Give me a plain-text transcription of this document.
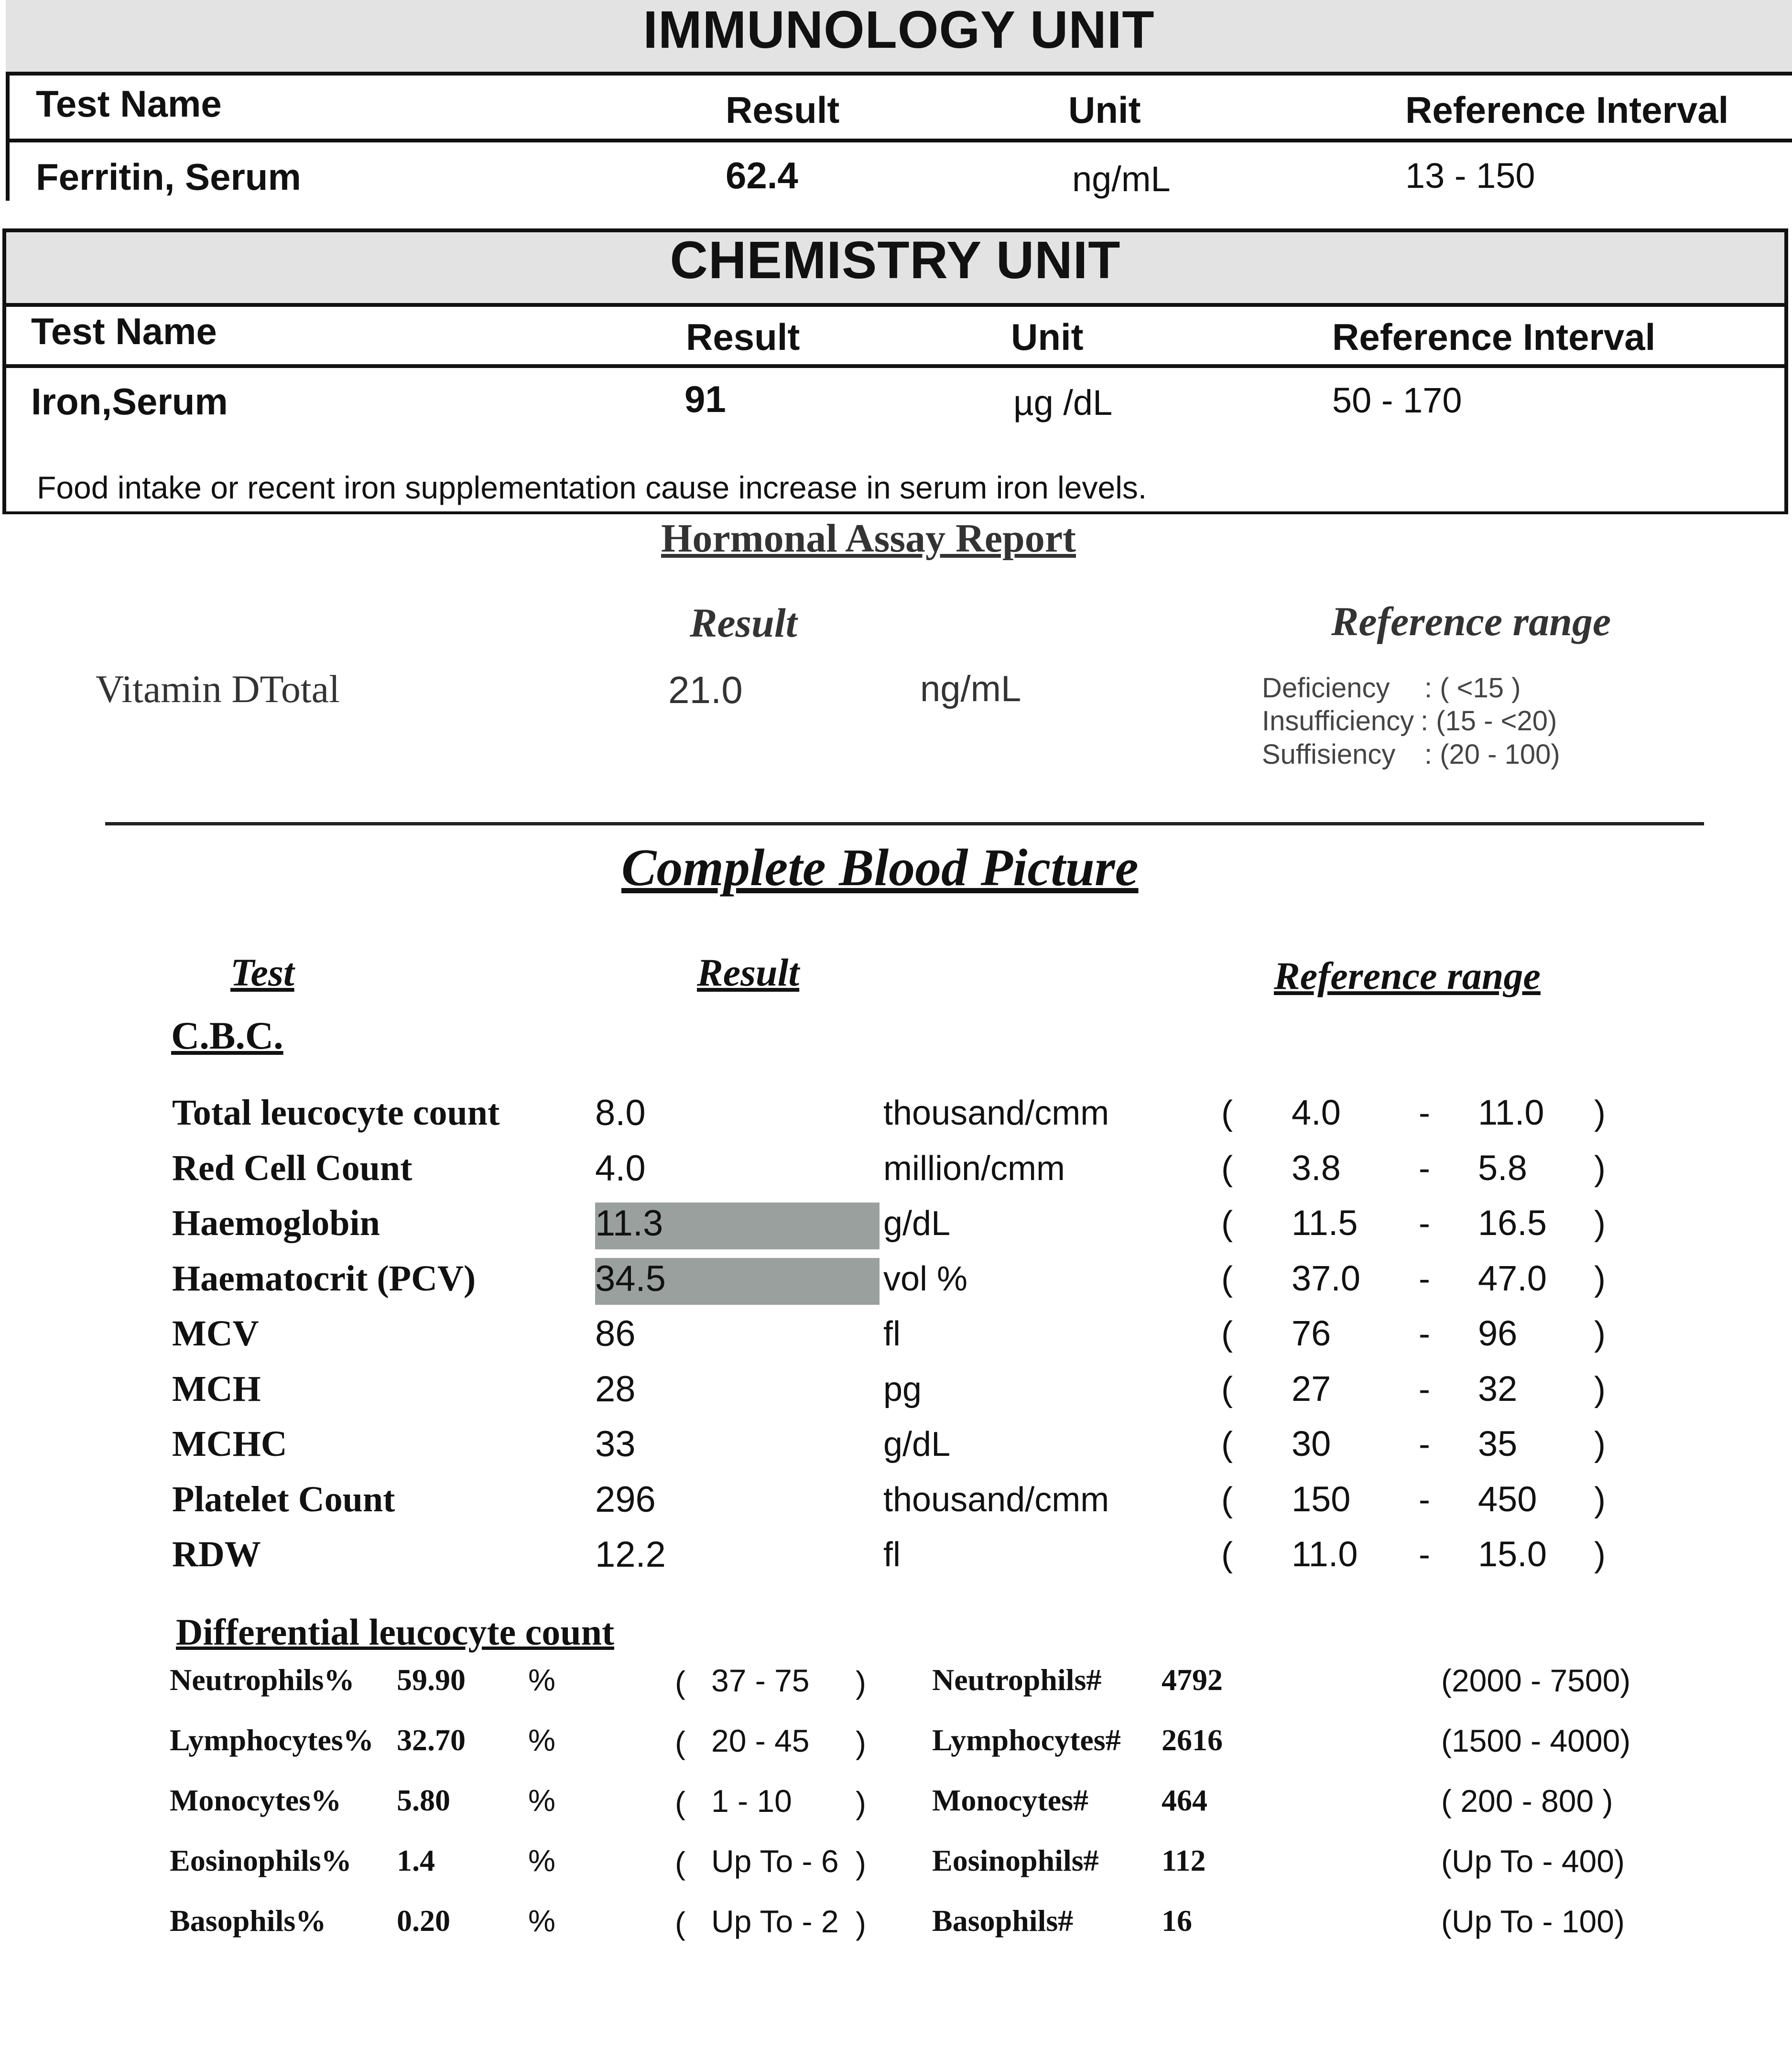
IMMUNOLOGY UNIT
Test Name	Result	Unit	Reference Interval
Ferritin, Serum	62.4	ng/mL	13 - 150
CHEMISTRY UNIT
Test Name	Result	Unit	Reference Interval
Iron,Serum	91	µg /dL	50 - 170
Food intake or recent iron supplementation cause increase in serum iron levels.
Hormonal Assay Report
Result	Reference range
Vitamin DTotal	21.0	ng/mL	Deficiency : ( <15 )
Insufficiency : (15 - <20)
Suffisiency : (20 - 100)
Complete Blood Picture
Test	Result	Reference range
C.B.C.
Total leucocyte count	8.0	thousand/cmm	( 4.0 - 11.0 )
Red Cell Count	4.0	million/cmm	( 3.8 - 5.8 )
Haemoglobin	11.3	g/dL	( 11.5 - 16.5 )
Haematocrit (PCV)	34.5	vol %	( 37.0 - 47.0 )
MCV	86	fl	( 76	- 96 )
MCH	28	pg	( 27	- 32 )
MCHC	33	g/dL	( 30	- 35 )
Platelet Count	296	thousand/cmm	( 150 - 450 )
RDW	12.2	fl	( 11.0 - 15.0 )
Differential leucocyte count
Neutrophils% 59.90 %	( 37 - 75 ) Neutrophils# 4792	(2000 - 7500)
Lymphocytes% 32.70 %	( 20 - 45 ) Lymphocytes# 2616	(1500 - 4000)
Monocytes% 5.80	%	( 1 - 10 ) Monocytes# 464	( 200 - 800 )
Eosinophils% 1.4	%	( Up To - 6 ) Eosinophils# 112	(Up To - 400)
Basophils% 0.20	%	( Up To - 2 ) Basophils#	16	(Up To - 100)
